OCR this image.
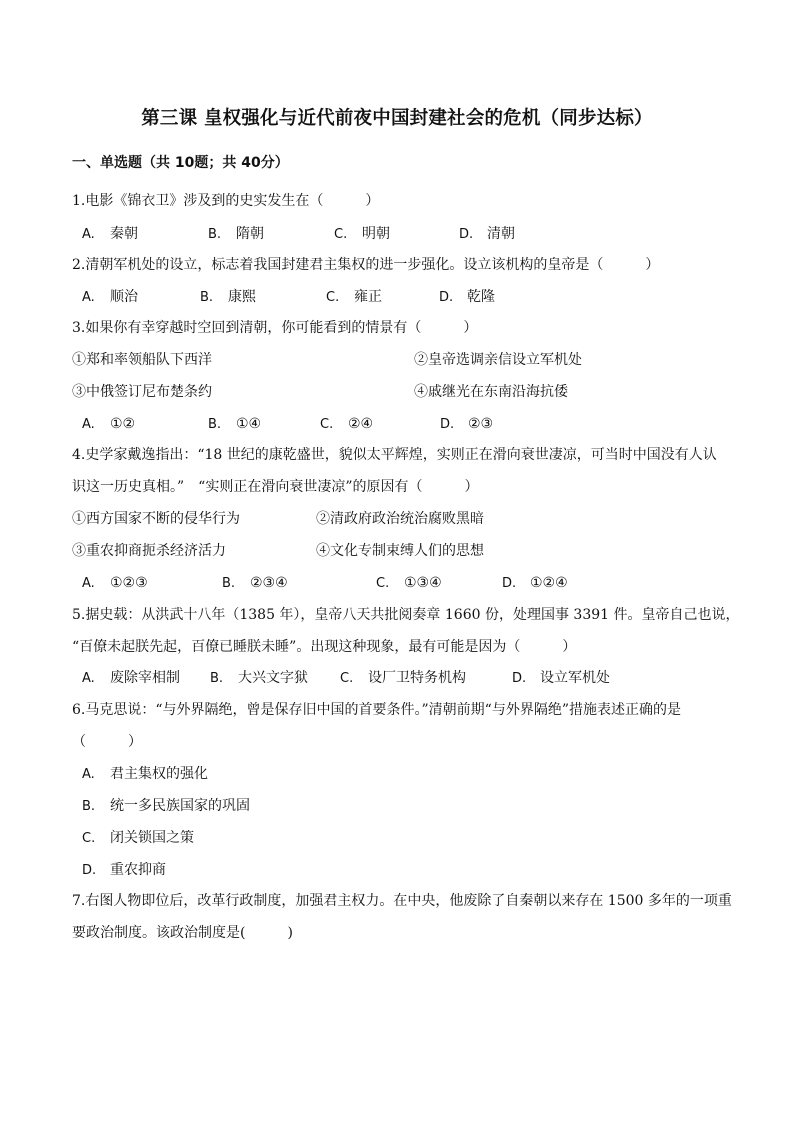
第三课 皇权强化与近代前夜中国封建社会的危机（同步达标）
一、单选题（共 10题；共 40分）
1.电影《锦衣卫》涉及到的史实发生在（　　　）
A. 秦朝	B. 隋朝	C. 明朝	D. 清朝
2.清朝军机处的设立，标志着我国封建君主集权的进一步强化。设立该机构的皇帝是（　　　）
A. 顺治	B. 康熙	C. 雍正	D. 乾隆
3.如果你有幸穿越时空回到清朝，你可能看到的情景有（　　　）
①郑和率领船队下西洋	②皇帝选调亲信设立军机处
③中俄签订尼布楚条约	④戚继光在东南沿海抗倭
A. ①②	B. ①④	C. ②④	D. ②③
4.史学家戴逸指出：“18 世纪的康乾盛世，貌似太平辉煌，实则正在滑向衰世凄凉，可当时中国没有人认
识这一历史真相。”　“实则正在滑向衰世凄凉”的原因有（　　　）
①西方国家不断的侵华行为	②清政府政治统治腐败黑暗
③重农抑商扼杀经济活力	④文化专制束缚人们的思想
A. ①②③	B. ②③④	C. ①③④	D. ①②④
5.据史载：从洪武十八年（1385 年），皇帝八天共批阅奏章 1660 份，处理国事 3391 件。皇帝自己也说，
“百僚未起朕先起，百僚已睡朕未睡”。出现这种现象，最有可能是因为（　　　）
A. 废除宰相制 B. 大兴文字狱 C. 设厂卫特务机构	D. 设立军机处
6.马克思说：“与外界隔绝，曾是保存旧中国的首要条件。”清朝前期“与外界隔绝”措施表述正确的是
（　　　）
A. 君主集权的强化
B. 统一多民族国家的巩固
C. 闭关锁国之策
D. 重农抑商
7.右图人物即位后，改革行政制度，加强君主权力。在中央，他废除了自秦朝以来存在 1500 多年的一项重
要政治制度。该政治制度是(　　　)
